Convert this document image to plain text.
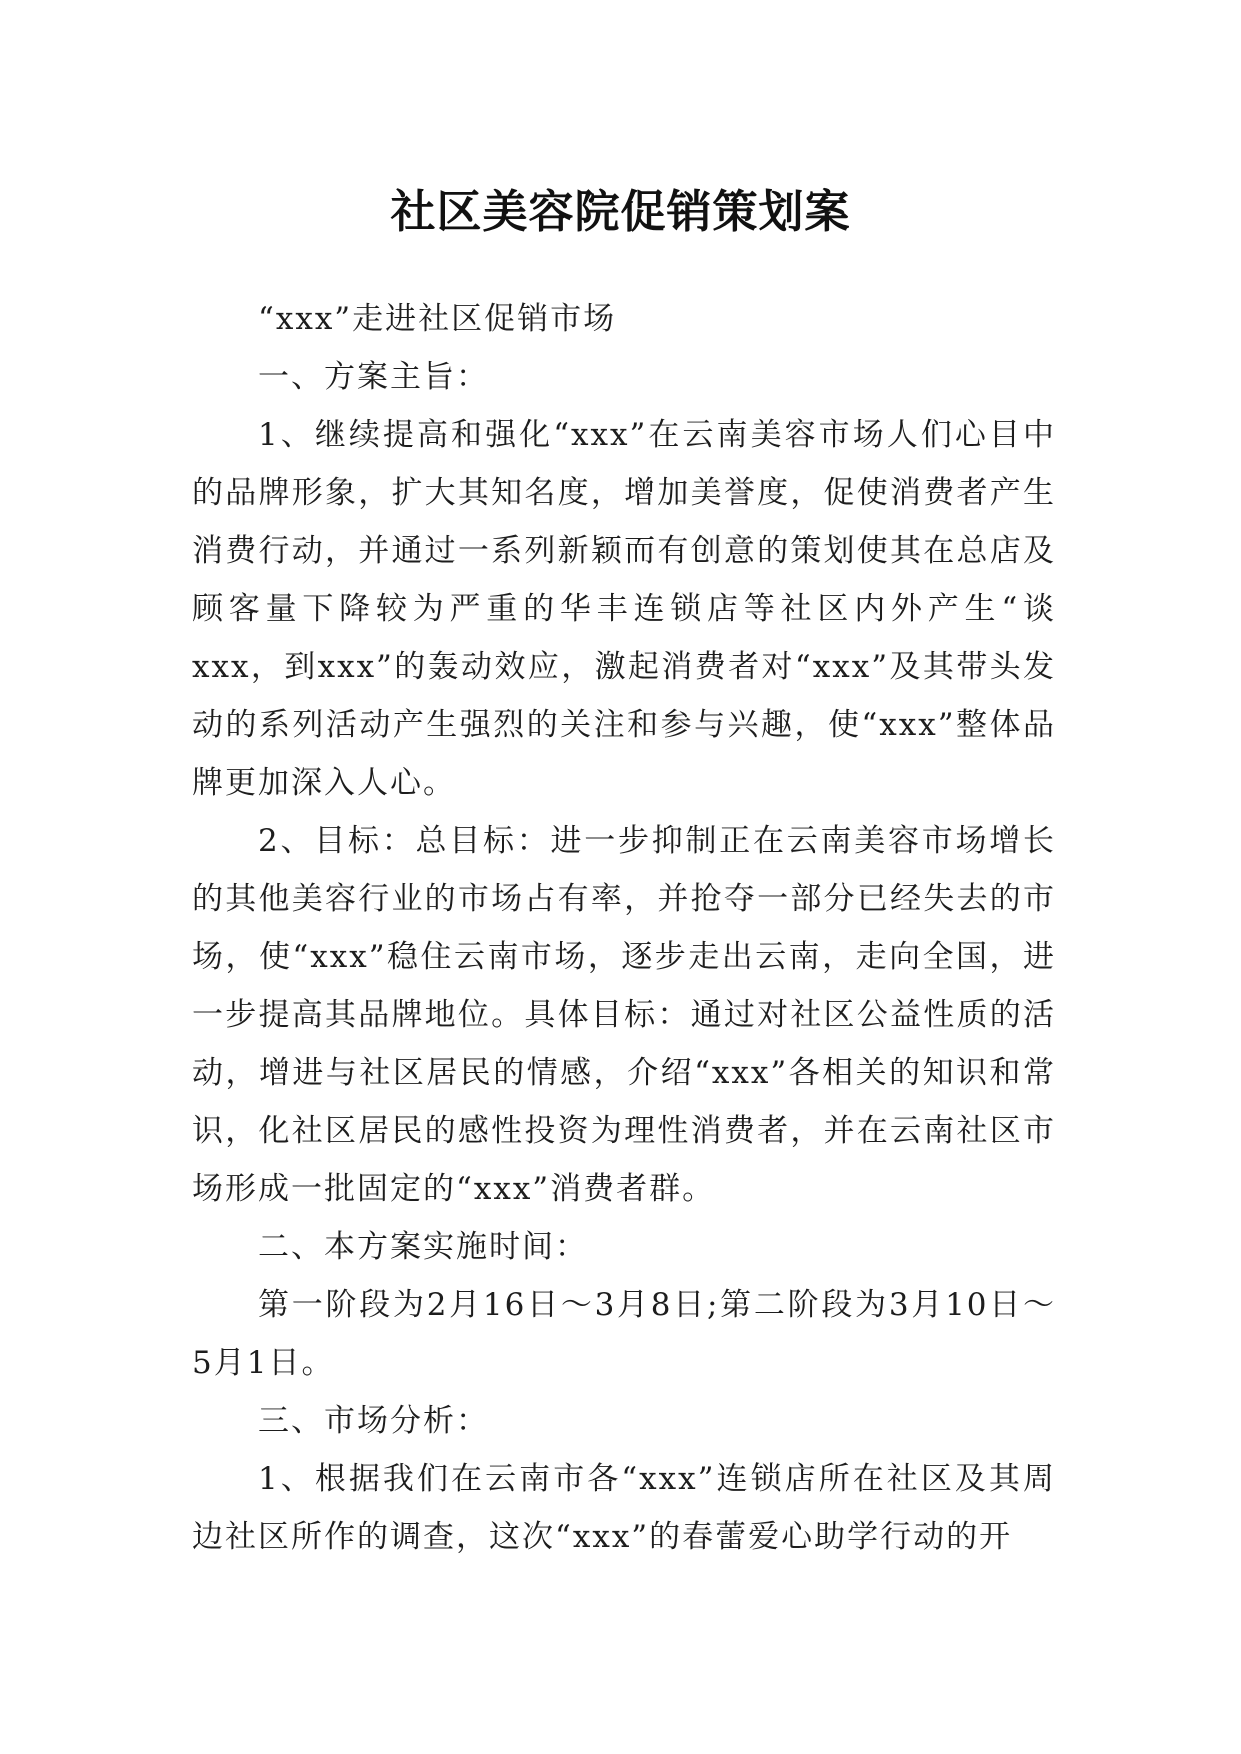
社区美容院促销策划案

“xxx”走进社区促销市场

一、方案主旨：

1、继续提高和强化“xxx”在云南美容市场人们心目中的品牌形象，扩大其知名度，增加美誉度，促使消费者产生消费行动，并通过一系列新颖而有创意的策划使其在总店及顾客量下降较为严重的华丰连锁店等社区内外产生“谈xxx，到xxx”的轰动效应，激起消费者对“xxx”及其带头发动的系列活动产生强烈的关注和参与兴趣，使“xxx”整体品牌更加深入人心。

2、目标：总目标：进一步抑制正在云南美容市场增长的其他美容行业的市场占有率，并抢夺一部分已经失去的市场，使“xxx”稳住云南市场，逐步走出云南，走向全国，进一步提高其品牌地位。具体目标：通过对社区公益性质的活动，增进与社区居民的情感，介绍“xxx”各相关的知识和常识，化社区居民的感性投资为理性消费者，并在云南社区市场形成一批固定的“xxx”消费者群。

二、本方案实施时间：

第一阶段为2月16日～3月8日;第二阶段为3月10日～5月1日。

三、市场分析：

1、根据我们在云南市各“xxx”连锁店所在社区及其周边社区所作的调查，这次“xxx”的春蕾爱心助学行动的开
